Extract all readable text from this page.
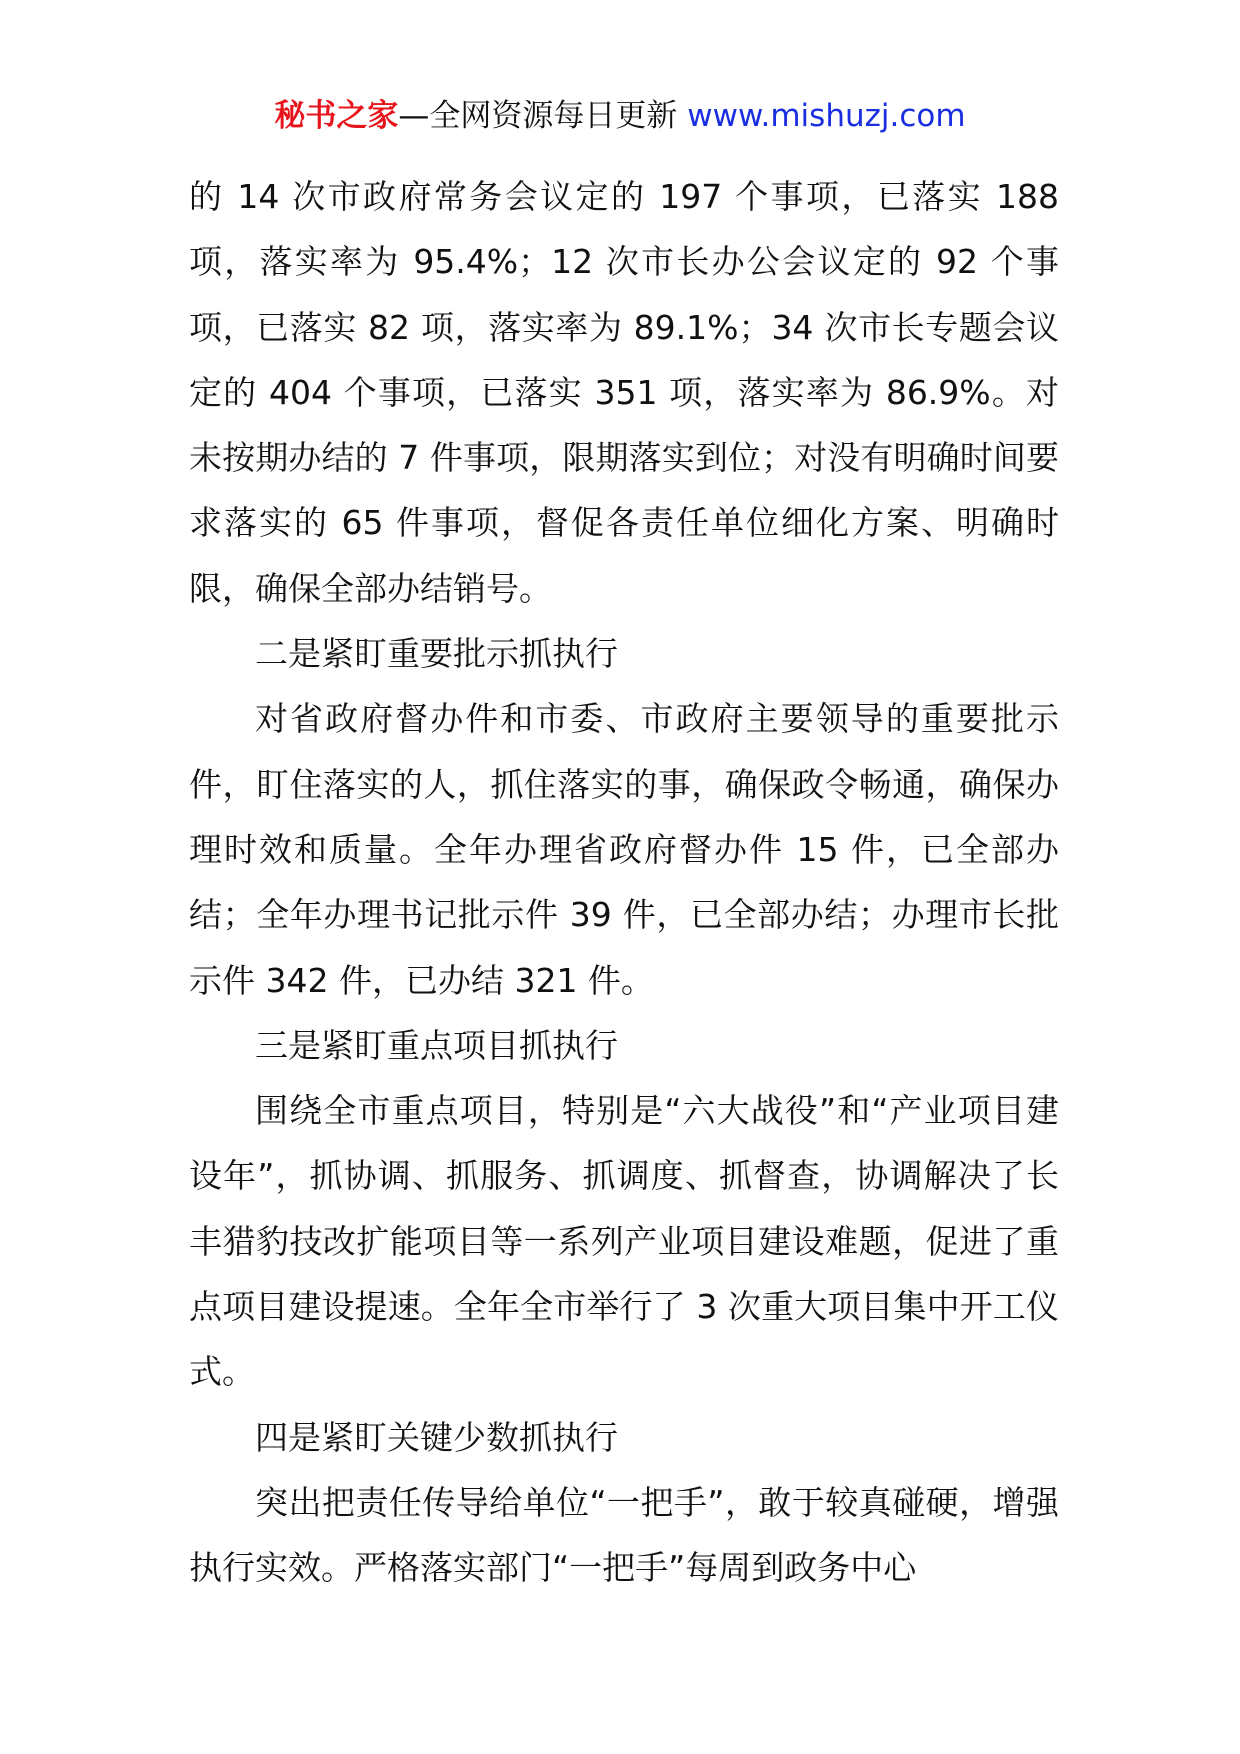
秘书之家—全网资源每日更新 www.mishuzj.com

的 14 次市政府常务会议定的 197 个事项，已落实 188 项，落实率为 95.4%；12 次市长办公会议定的 92 个事项，已落实 82 项，落实率为 89.1%；34 次市长专题会议定的 404 个事项，已落实 351 项，落实率为 86.9%。对未按期办结的 7 件事项，限期落实到位；对没有明确时间要求落实的 65 件事项，督促各责任单位细化方案、明确时限，确保全部办结销号。

二是紧盯重要批示抓执行

对省政府督办件和市委、市政府主要领导的重要批示件，盯住落实的人，抓住落实的事，确保政令畅通，确保办理时效和质量。全年办理省政府督办件 15 件，已全部办结；全年办理书记批示件 39 件，已全部办结；办理市长批示件 342 件，已办结 321 件。

三是紧盯重点项目抓执行

围绕全市重点项目，特别是“六大战役”和“产业项目建设年”，抓协调、抓服务、抓调度、抓督查，协调解决了长丰猎豹技改扩能项目等一系列产业项目建设难题，促进了重点项目建设提速。全年全市举行了 3 次重大项目集中开工仪式。

四是紧盯关键少数抓执行

突出把责任传导给单位“一把手”，敢于较真碰硬，增强执行实效。严格落实部门“一把手”每周到政务中心
